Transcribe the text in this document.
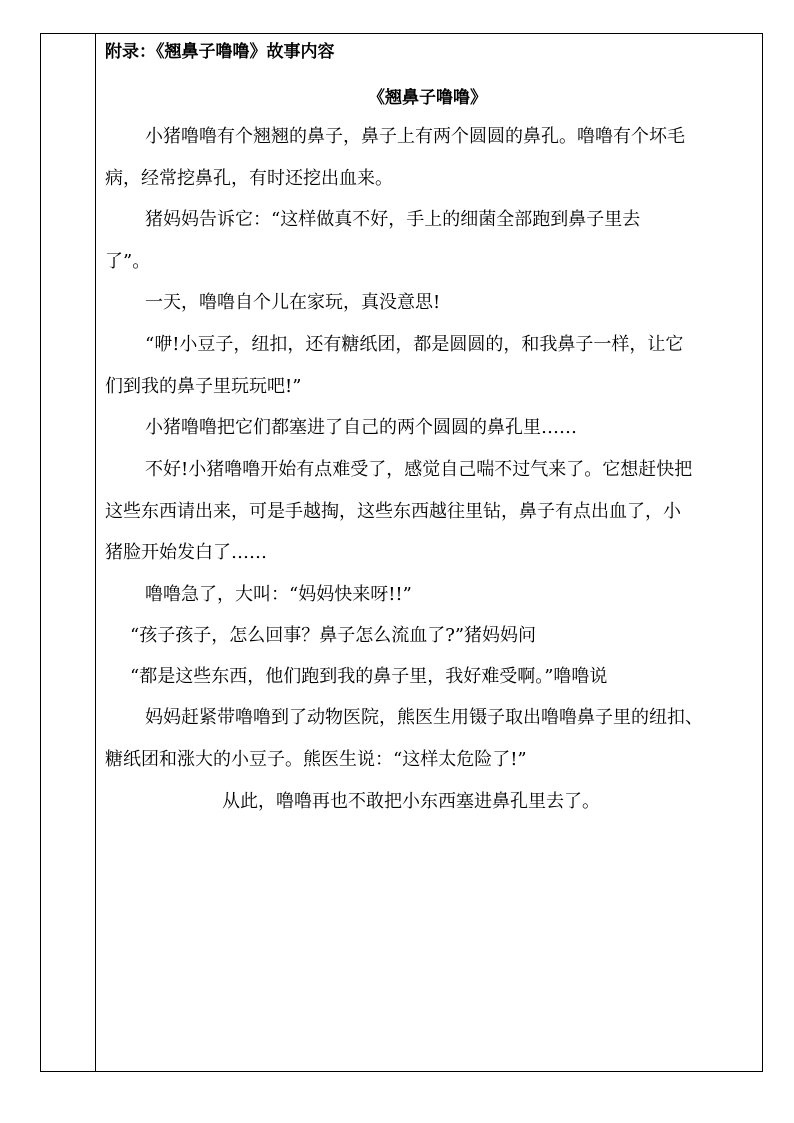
附录：《翘鼻子噜噜》故事内容
《翘鼻子噜噜》
小猪噜噜有个翘翘的鼻子，鼻子上有两个圆圆的鼻孔。噜噜有个坏毛
病，经常挖鼻孔，有时还挖出血来。
猪妈妈告诉它：“这样做真不好，手上的细菌全部跑到鼻子里去
了”。
一天，噜噜自个儿在家玩，真没意思!
“咿!小豆子，纽扣，还有糖纸团，都是圆圆的，和我鼻子一样，让它
们到我的鼻子里玩玩吧!”
小猪噜噜把它们都塞进了自己的两个圆圆的鼻孔里……
不好!小猪噜噜开始有点难受了，感觉自己喘不过气来了。它想赶快把
这些东西请出来，可是手越掏，这些东西越往里钻，鼻子有点出血了，小
猪脸开始发白了……
噜噜急了，大叫：“妈妈快来呀!!”
“孩子孩子，怎么回事？鼻子怎么流血了?”猪妈妈问
“都是这些东西，他们跑到我的鼻子里，我好难受啊。”噜噜说
妈妈赶紧带噜噜到了动物医院，熊医生用镊子取出噜噜鼻子里的纽扣、
糖纸团和涨大的小豆子。熊医生说：“这样太危险了!”
从此，噜噜再也不敢把小东西塞进鼻孔里去了。
